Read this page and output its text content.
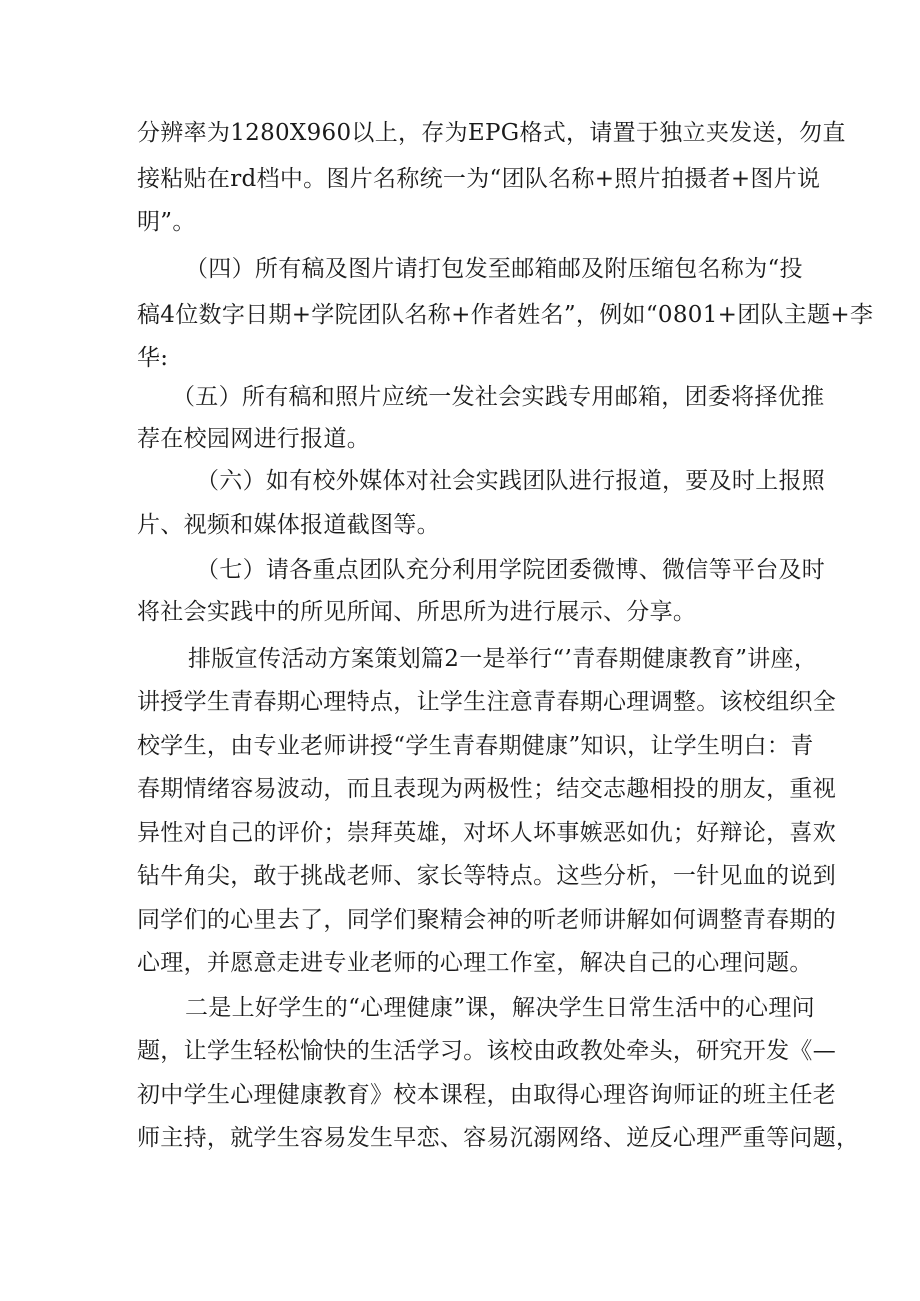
分辨率为1280X960以上，存为EPG格式，请置于独立夹发送，勿直
接粘贴在rd档中。图片名称统一为“团队名称+照片拍摄者+图片说
明”。
（四）所有稿及图片请打包发至邮箱邮及附压缩包名称为“投
稿4位数字日期+学院团队名称+作者姓名”，例如“0801+团队主题+李
华:
（五）所有稿和照片应统一发社会实践专用邮箱，团委将择优推
荐在校园网进行报道。
（六）如有校外媒体对社会实践团队进行报道，要及时上报照
片、视频和媒体报道截图等。
（七）请各重点团队充分利用学院团委微博、微信等平台及时
将社会实践中的所见所闻、所思所为进行展示、分享。
排版宣传活动方案策划篇2一是举行“’青春期健康教育”讲座，
讲授学生青春期心理特点，让学生注意青春期心理调整。该校组织全
校学生，由专业老师讲授“学生青春期健康”知识，让学生明白：青
春期情绪容易波动，而且表现为两极性；结交志趣相投的朋友，重视
异性对自己的评价；崇拜英雄，对坏人坏事嫉恶如仇；好辩论，喜欢
钻牛角尖，敢于挑战老师、家长等特点。这些分析，一针见血的说到
同学们的心里去了，同学们聚精会神的听老师讲解如何调整青春期的
心理，并愿意走进专业老师的心理工作室，解决自己的心理问题。
二是上好学生的“心理健康”课，解决学生日常生活中的心理问
题，让学生轻松愉快的生活学习。该校由政教处牵头，研究开发《—
初中学生心理健康教育》校本课程，由取得心理咨询师证的班主任老
师主持，就学生容易发生早恋、容易沉溺网络、逆反心理严重等问题，
